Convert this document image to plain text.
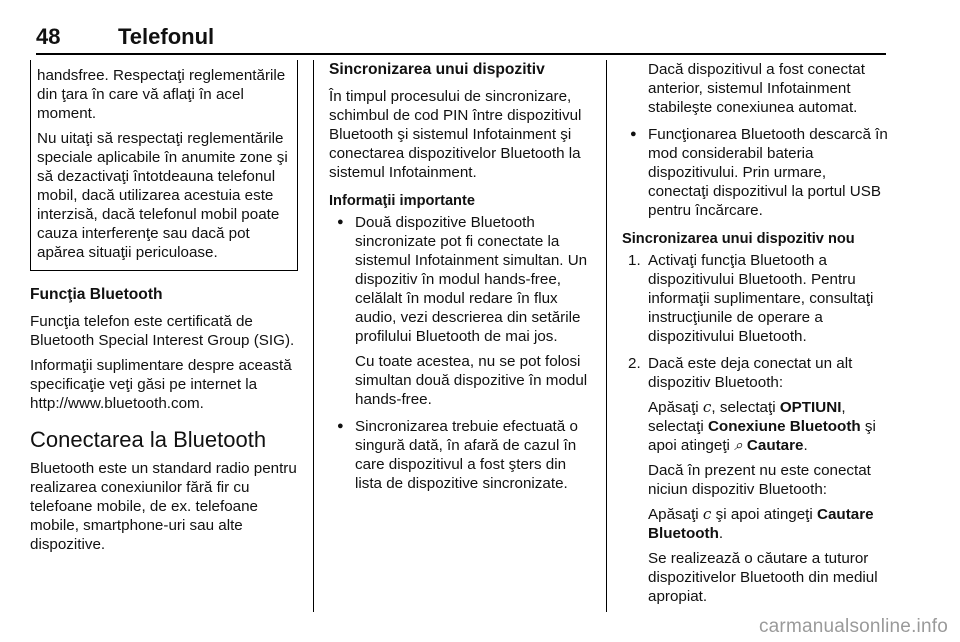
48	Telefonul

handsfree. Respectaţi reglementările din ţara în care vă aflaţi în acel moment.

Nu uitaţi să respectaţi reglementările speciale aplicabile în anumite zone şi să dezactivaţi întotdeauna telefonul mobil, dacă utilizarea acestuia este interzisă, dacă telefonul mobil poate cauza interferenţe sau dacă pot apărea situaţii periculoase.

Funcţia Bluetooth

Funcţia telefon este certificată de Bluetooth Special Interest Group (SIG).

Informaţii suplimentare despre această specificaţie veţi găsi pe internet la http://www.bluetooth.com.

Conectarea la Bluetooth

Bluetooth este un standard radio pentru realizarea conexiunilor fără fir cu telefoane mobile, de ex. telefoane mobile, smartphone-uri sau alte dispozitive.

Sincronizarea unui dispozitiv

În timpul procesului de sincronizare, schimbul de cod PIN între dispozitivul Bluetooth şi sistemul Infotainment şi conectarea dispozitivelor Bluetooth la sistemul Infotainment.

Informaţii importante

● Două dispozitive Bluetooth sincronizate pot fi conectate la sistemul Infotainment simultan. Un dispozitiv în modul hands-free, celălalt în modul redare în flux audio, vezi descrierea din setările profilului Bluetooth de mai jos.

Cu toate acestea, nu se pot folosi simultan două dispozitive în modul hands-free.

● Sincronizarea trebuie efectuată o singură dată, în afară de cazul în care dispozitivul a fost şters din lista de dispozitive sincronizate.

Dacă dispozitivul a fost conectat anterior, sistemul Infotainment stabileşte conexiunea automat.

● Funcţionarea Bluetooth descarcă în mod considerabil bateria dispozitivului. Prin urmare, conectaţi dispozitivul la portul USB pentru încărcare.

Sincronizarea unui dispozitiv nou
1. Activaţi funcţia Bluetooth a dispozitivului Bluetooth. Pentru informaţii suplimentare, consultaţi instrucţiunile de operare a dispozitivului Bluetooth.

2. Dacă este deja conectat un alt dispozitiv Bluetooth:

Apăsaţi 𝑐, selectaţi OPTIUNI, selectaţi Conexiune Bluetooth şi apoi atingeţi ⌕ Cautare.

Dacă în prezent nu este conectat niciun dispozitiv Bluetooth:

Apăsaţi 𝑐 şi apoi atingeţi Cautare Bluetooth.

Se realizează o căutare a tuturor dispozitivelor Bluetooth din mediul apropiat.

carmanualsonline.info
